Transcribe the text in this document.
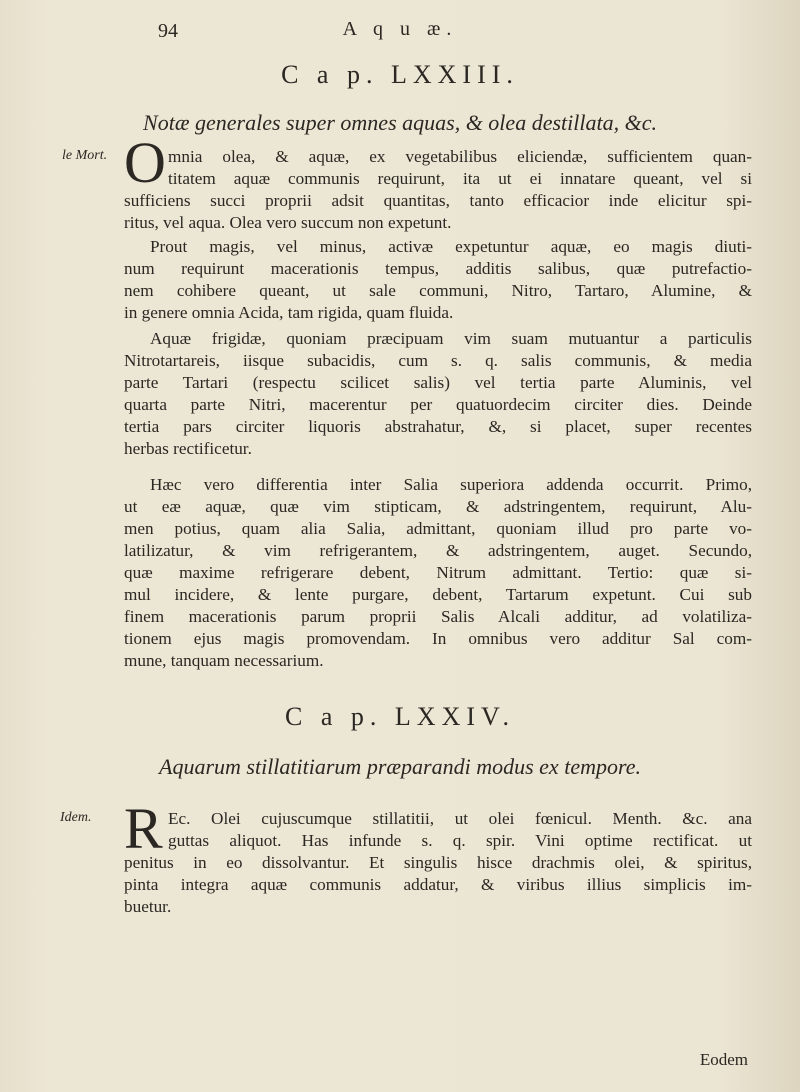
94	A q u æ.
C a p. LXXIII.
Notæ generales super omnes aquas, & olea destillata, &c.
le Mort. O mnia olea, & aquæ, ex vegetabilibus eliciendæ, sufficientem quan-
titatem aquæ communis requirunt, ita ut ei innatare queant, vel si
sufficiens succi proprii adsit quantitas, tanto efficacior inde elicitur spi-
ritus, vel aqua. Olea vero succum non expetunt.
Prout magis, vel minus, activæ expetuntur aquæ, eo magis diuti-
num requirunt macerationis tempus, additis salibus, quæ putrefactio-
nem cohibere queant, ut sale communi, Nitro, Tartaro, Alumine, &
in genere omnia Acida, tam rigida, quam fluida.
Aquæ frigidæ, quoniam præcipuam vim suam mutuantur a particulis
Nitrotartareis, iisque subacidis, cum s. q. salis communis, & media
parte Tartari (respectu scilicet salis) vel tertia parte Aluminis, vel
quarta parte Nitri, macerentur per quatuordecim circiter dies. Deinde
tertia pars circiter liquoris abstrahatur, &, si placet, super recentes
herbas rectificetur.
Hæc vero differentia inter Salia superiora addenda occurrit. Primo,
ut eæ aquæ, quæ vim stipticam, & adstringentem, requirunt, Alu-
men potius, quam alia Salia, admittant, quoniam illud pro parte vo-
latilizatur, & vim refrigerantem, & adstringentem, auget. Secundo,
quæ maxime refrigerare debent, Nitrum admittant. Tertio: quæ si-
mul incidere, & lente purgare, debent, Tartarum expetunt. Cui sub
finem macerationis parum proprii Salis Alcali additur, ad volatiliza-
tionem ejus magis promovendam. In omnibus vero additur Sal com-
mune, tanquam necessarium.
C a p. LXXIV.
Aquarum stillatitiarum præparandi modus ex tempore.
Idem. R Ec. Olei cujuscumque stillatitii, ut olei fœnicul. Menth. &c. ana
guttas aliquot. Has infunde s. q. spir. Vini optime rectificat. ut
penitus in eo dissolvantur. Et singulis hisce drachmis olei, & spiritus,
pinta integra aquæ communis addatur, & viribus illius simplicis im-
buetur.
Eodem
